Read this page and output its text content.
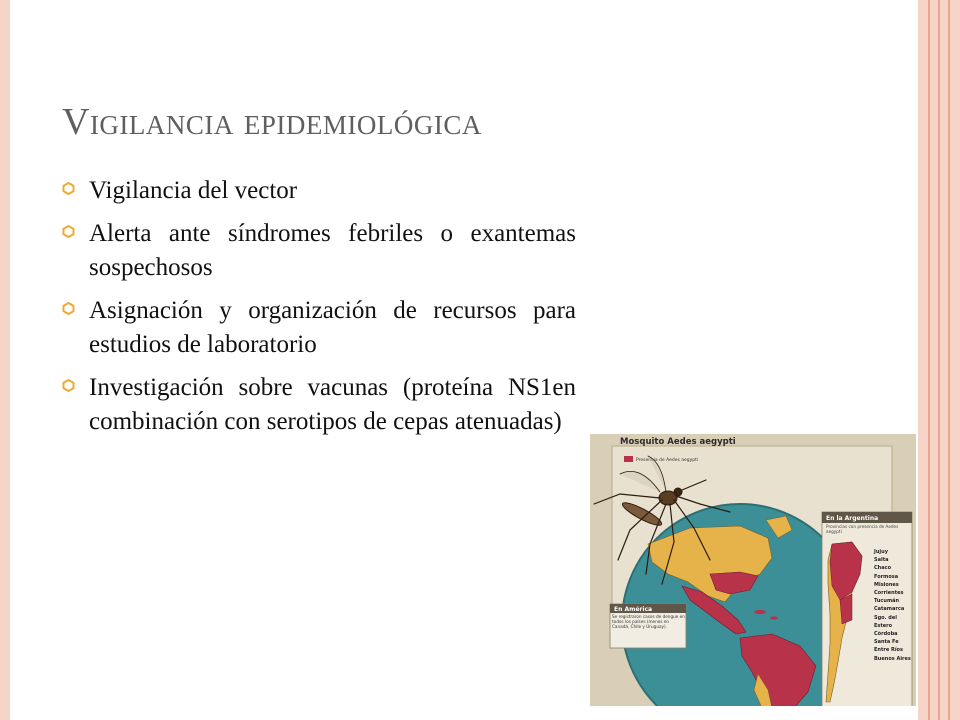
Vigilancia epidemiológica
Vigilancia del vector
Alerta ante síndromes febriles o exantemas sospechosos
Asignación y organización de recursos para estudios de laboratorio
Investigación sobre vacunas (proteína NS1en combinación con serotipos de cepas atenuadas)
Mosquito Aedes aegypti
Presencia de Aedes aegypti
En América
Se registraron casos de dengue en todos los países (menos en Canadá, Chile y Uruguay).
En la Argentina
Provincias con presencia de Aedes aegypti
Jujuy
Salta
Chaco
Formosa
Misiones
Corrientes
Tucumán
Catamarca
Sgo. del Estero
Córdoba
Santa Fe
Entre Ríos
Buenos Aires
